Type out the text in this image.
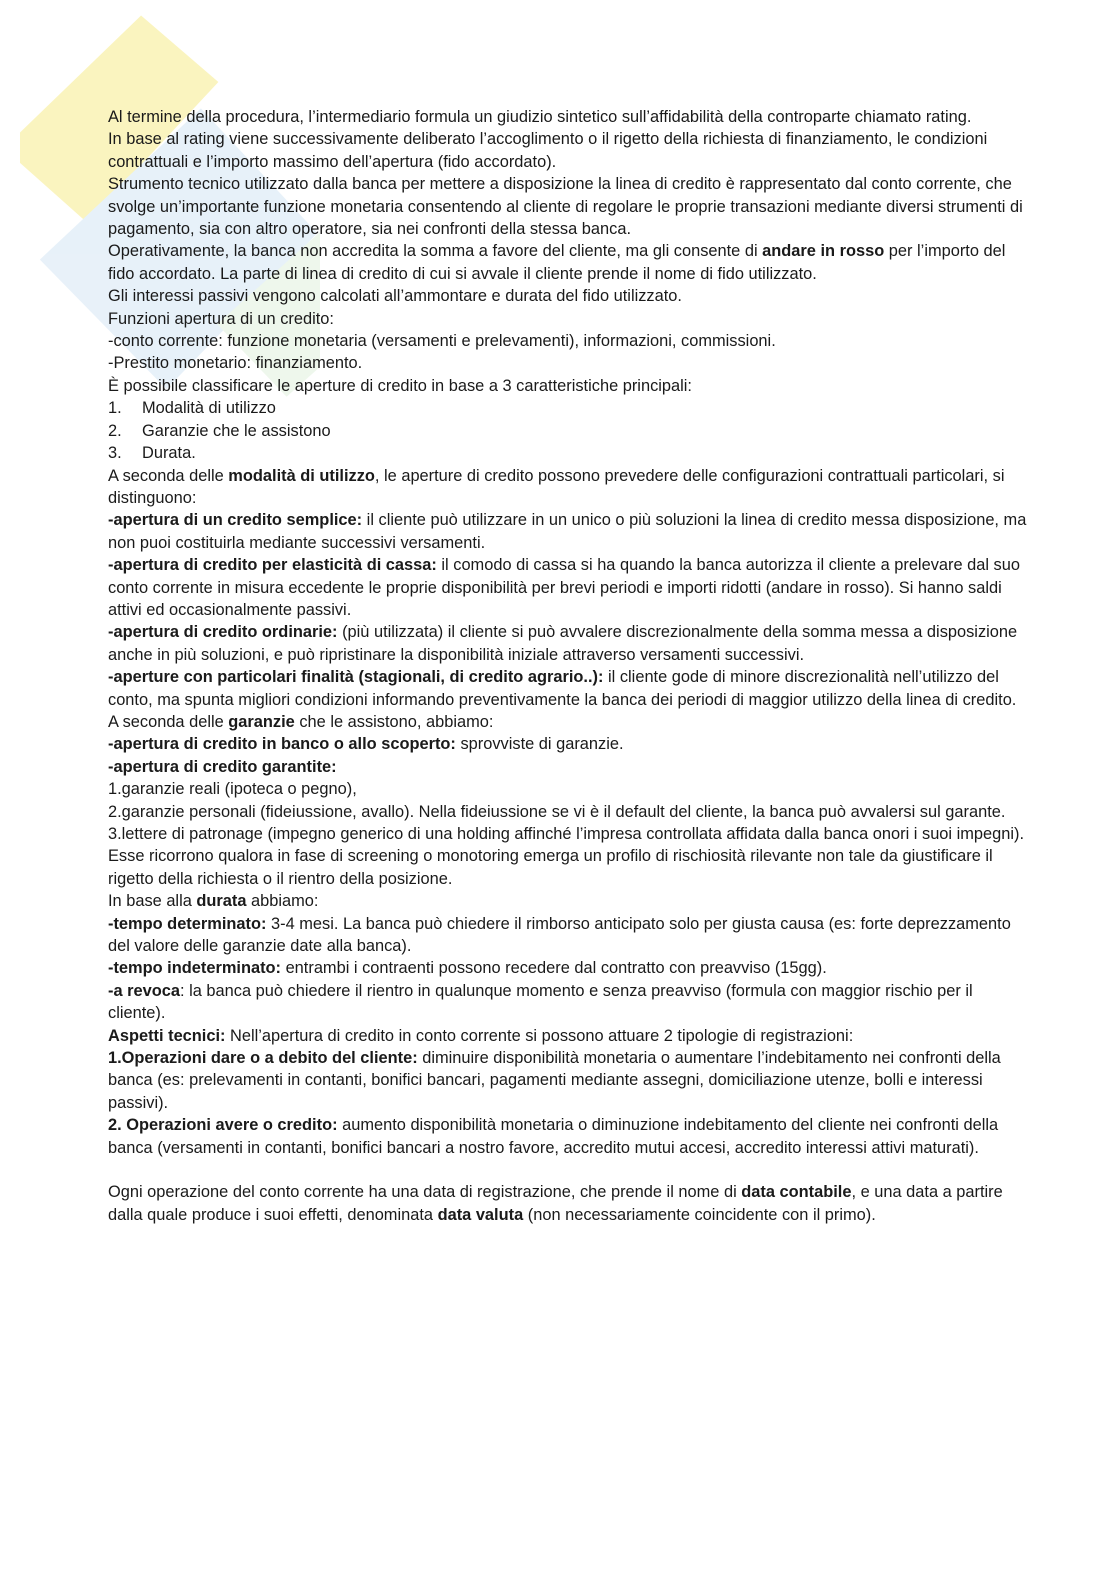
Al termine della procedura, l’intermediario formula un giudizio sintetico sull’affidabilità della controparte chiamato rating.

In base al rating viene successivamente deliberato l’accoglimento o il rigetto della richiesta di finanziamento, le condizioni contrattuali e l’importo massimo dell’apertura (fido accordato).

Strumento tecnico utilizzato dalla banca per mettere a disposizione la linea di credito è rappresentato dal conto corrente, che svolge un’importante funzione monetaria consentendo al cliente di regolare le proprie transazioni mediante diversi strumenti di pagamento, sia con altro operatore, sia nei confronti della stessa banca.

Operativamente, la banca non accredita la somma a favore del cliente, ma gli consente di andare in rosso per l’importo del fido accordato. La parte di linea di credito di cui si avvale il cliente prende il nome di fido utilizzato.

Gli interessi passivi vengono calcolati all’ammontare e durata del fido utilizzato.

Funzioni apertura di un credito:

-conto corrente: funzione monetaria (versamenti e prelevamenti), informazioni, commissioni.

-Prestito monetario: finanziamento.

È possibile classificare le aperture di credito in base a 3 caratteristiche principali:

1. Modalità di utilizzo
2. Garanzie che le assistono
3. Durata.

A seconda delle modalità di utilizzo, le aperture di credito possono prevedere delle configurazioni contrattuali particolari, si distinguono:

-apertura di un credito semplice: il cliente può utilizzare in un unico o più soluzioni la linea di credito messa disposizione, ma non puoi costituirla mediante successivi versamenti.

-apertura di credito per elasticità di cassa: il comodo di cassa si ha quando la banca autorizza il cliente a prelevare dal suo conto corrente in misura eccedente le proprie disponibilità per brevi periodi e importi ridotti (andare in rosso). Si hanno saldi attivi ed occasionalmente passivi.

-apertura di credito ordinarie: (più utilizzata) il cliente si può avvalere discrezionalmente della somma messa a disposizione anche in più soluzioni, e può ripristinare la disponibilità iniziale attraverso versamenti successivi.

-aperture con particolari finalità (stagionali, di credito agrario..): il cliente gode di minore discrezionalità nell’utilizzo del conto, ma spunta migliori condizioni informando preventivamente la banca dei periodi di maggior utilizzo della linea di credito.

A seconda delle garanzie che le assistono, abbiamo:

-apertura di credito in banco o allo scoperto: sprovviste di garanzie.

-apertura di credito garantite:

1.garanzie reali (ipoteca o pegno),

2.garanzie personali (fideiussione, avallo). Nella fideiussione se vi è il default del cliente, la banca può avvalersi sul garante.

3.lettere di patronage (impegno generico di una holding affinché l’impresa controllata affidata dalla banca onori i suoi impegni).

Esse ricorrono qualora in fase di screening o monotoring emerga un profilo di rischiosità rilevante non tale da giustificare il rigetto della richiesta o il rientro della posizione.

In base alla durata abbiamo:

-tempo determinato: 3-4 mesi. La banca può chiedere il rimborso anticipato solo per giusta causa (es: forte deprezzamento del valore delle garanzie date alla banca).

-tempo indeterminato: entrambi i contraenti possono recedere dal contratto con preavviso (15gg).

-a revoca: la banca può chiedere il rientro in qualunque momento e senza preavviso (formula con maggior rischio per il cliente).

Aspetti tecnici: Nell’apertura di credito in conto corrente si possono attuare 2 tipologie di registrazioni:

1.Operazioni dare o a debito del cliente: diminuire disponibilità monetaria o aumentare l’indebitamento nei confronti della banca (es: prelevamenti in contanti, bonifici bancari, pagamenti mediante assegni, domiciliazione utenze, bolli e interessi passivi).

2. Operazioni avere o credito: aumento disponibilità monetaria o diminuzione indebitamento del cliente nei confronti della banca (versamenti in contanti, bonifici bancari a nostro favore, accredito mutui accesi, accredito interessi attivi maturati).

Ogni operazione del conto corrente ha una data di registrazione, che prende il nome di data contabile, e una data a partire dalla quale produce i suoi effetti, denominata data valuta (non necessariamente coincidente con il primo).
